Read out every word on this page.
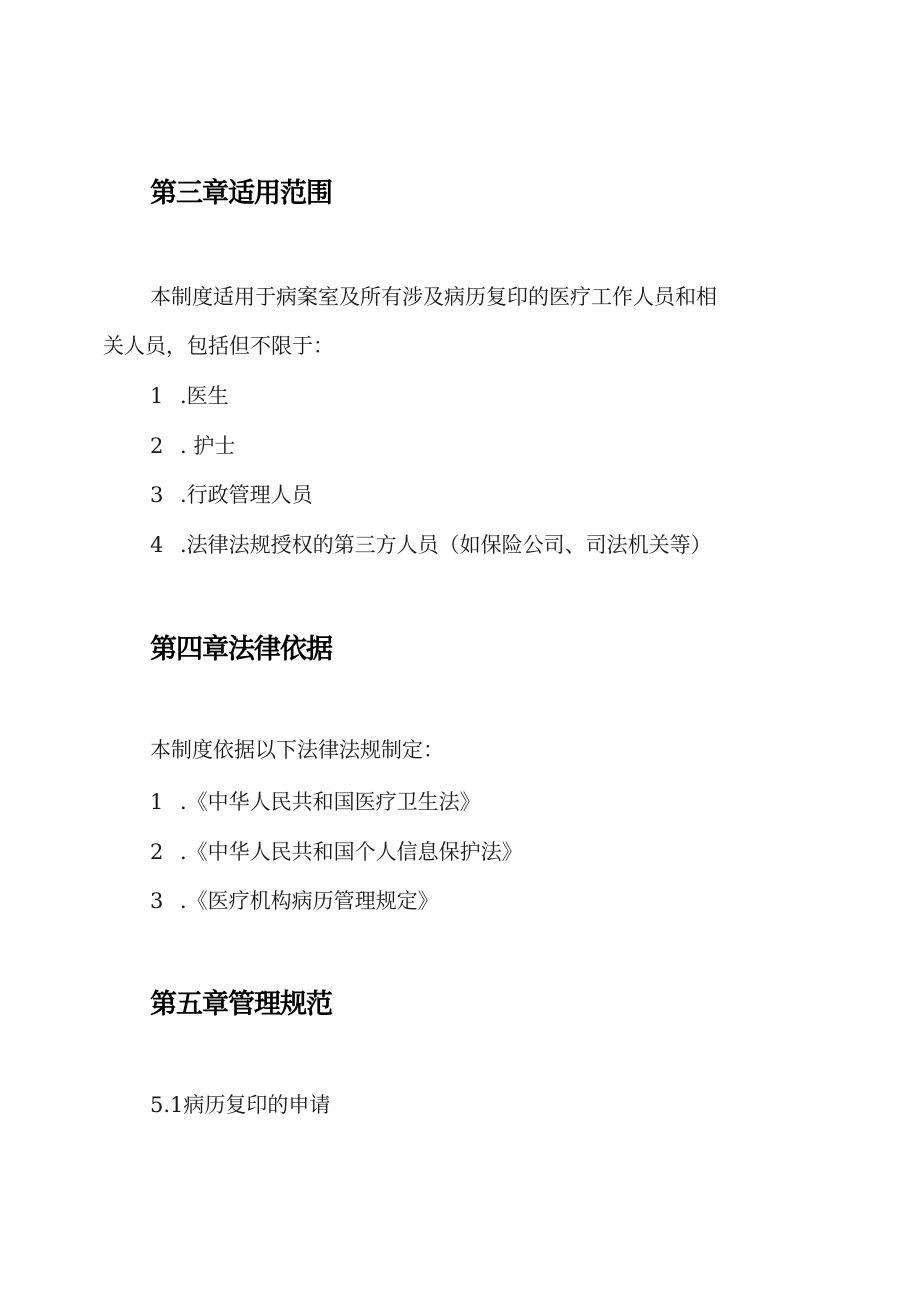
第三章适用范围
本制度适用于病案室及所有涉及病历复印的医疗工作人员和相
关人员，包括但不限于：
1 .医生
2 . 护士
3 .行政管理人员
4 .法律法规授权的第三方人员（如保险公司、司法机关等）
第四章法律依据
本制度依据以下法律法规制定：
1 .《中华人民共和国医疗卫生法》
2 .《中华人民共和国个人信息保护法》
3 .《医疗机构病历管理规定》
第五章管理规范
5.1病历复印的申请
